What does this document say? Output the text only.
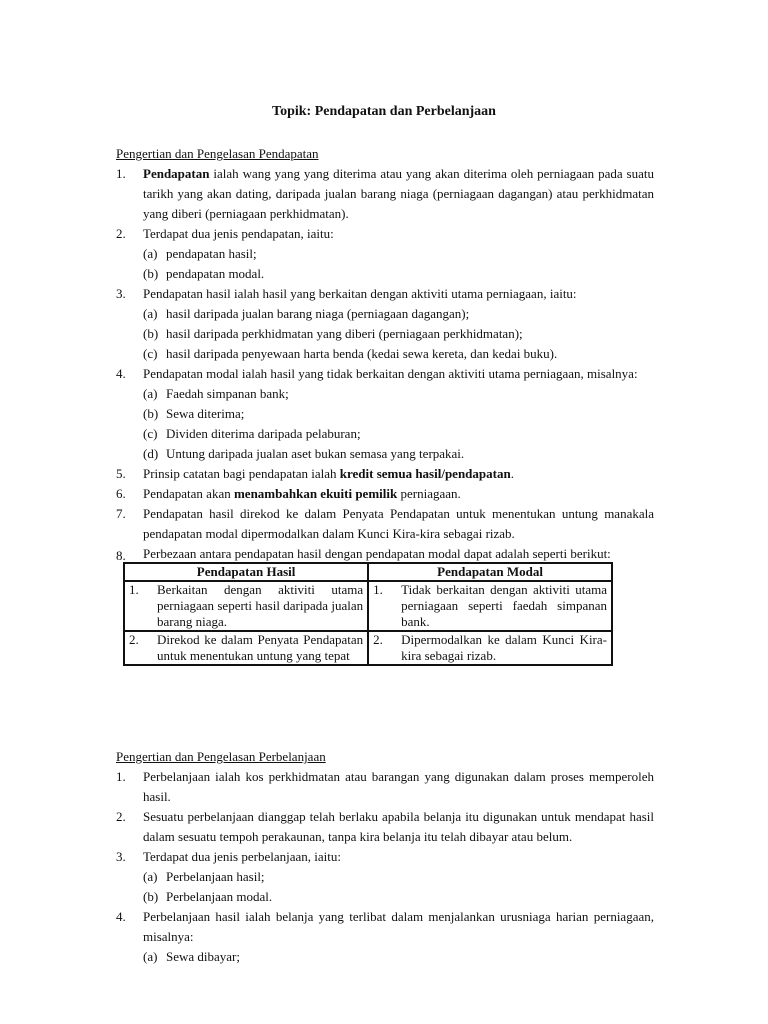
Topik: Pendapatan dan Perbelanjaan
Pengertian dan Pengelasan Pendapatan
1. Pendapatan ialah wang yang yang diterima atau yang akan diterima oleh perniagaan pada suatu tarikh yang akan dating, daripada jualan barang niaga (perniagaan dagangan) atau perkhidmatan yang diberi (perniagaan perkhidmatan).
2. Terdapat dua jenis pendapatan, iaitu:
(a) pendapatan hasil;
(b) pendapatan modal.
3. Pendapatan hasil ialah hasil yang berkaitan dengan aktiviti utama perniagaan, iaitu:
(a) hasil daripada jualan barang niaga (perniagaan dagangan);
(b) hasil daripada perkhidmatan yang diberi (perniagaan perkhidmatan);
(c) hasil daripada penyewaan harta benda (kedai sewa kereta, dan kedai buku).
4. Pendapatan modal ialah hasil yang tidak berkaitan dengan aktiviti utama perniagaan, misalnya:
(a) Faedah simpanan bank;
(b) Sewa diterima;
(c) Dividen diterima daripada pelaburan;
(d) Untung daripada jualan aset bukan semasa yang terpakai.
5. Prinsip catatan bagi pendapatan ialah kredit semua hasil/pendapatan.
6. Pendapatan akan menambahkan ekuiti pemilik perniagaan.
7. Pendapatan hasil direkod ke dalam Penyata Pendapatan untuk menentukan untung manakala pendapatan modal dipermodalkan dalam Kunci Kira-kira sebagai rizab.
8. Perbezaan antara pendapatan hasil dengan pendapatan modal dapat adalah seperti berikut:
Pendapatan Hasil	Pendapatan Modal

1. Berkaitan dengan aktiviti utama perniagaan seperti hasil daripada jualan barang niaga.	1. Tidak berkaitan dengan aktiviti utama perniagaan seperti faedah simpanan bank.

2. Direkod ke dalam Penyata Pendapatan untuk menentukan untung yang tepat	2. Dipermodalkan ke dalam Kunci Kira-kira sebagai rizab.
Pengertian dan Pengelasan Perbelanjaan
1. Perbelanjaan ialah kos perkhidmatan atau barangan yang digunakan dalam proses memperoleh hasil.
2. Sesuatu perbelanjaan dianggap telah berlaku apabila belanja itu digunakan untuk mendapat hasil dalam sesuatu tempoh perakaunan, tanpa kira belanja itu telah dibayar atau belum.
3. Terdapat dua jenis perbelanjaan, iaitu:
(a) Perbelanjaan hasil;
(b) Perbelanjaan modal.
4. Perbelanjaan hasil ialah belanja yang terlibat dalam menjalankan urusniaga harian perniagaan, misalnya:
(a) Sewa dibayar;
